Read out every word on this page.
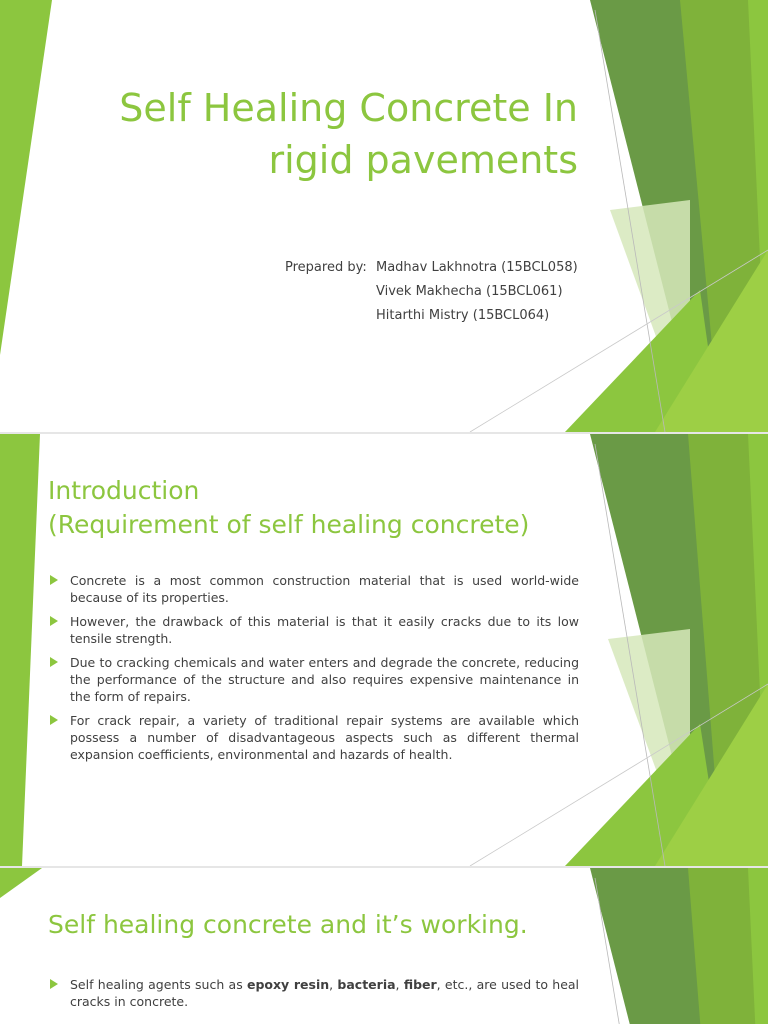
Self Healing Concrete In
rigid pavements
Prepared by: Madhav Lakhnotra (15BCL058)
Vivek Makhecha (15BCL061)
Hitarthi Mistry (15BCL064)
Introduction
(Requirement of self healing concrete)
Concrete is a most common construction material that is used world-wide because of its properties.
However, the drawback of this material is that it easily cracks due to its low tensile strength.
Due to cracking chemicals and water enters and degrade the concrete, reducing the performance of the structure and also requires expensive maintenance in the form of repairs.
For crack repair, a variety of traditional repair systems are available which possess a number of disadvantageous aspects such as different thermal expansion coefficients, environmental and hazards of health.
Self healing concrete and it’s working.
Self healing agents such as epoxy resin, bacteria, fiber, etc., are used to heal cracks in concrete.
